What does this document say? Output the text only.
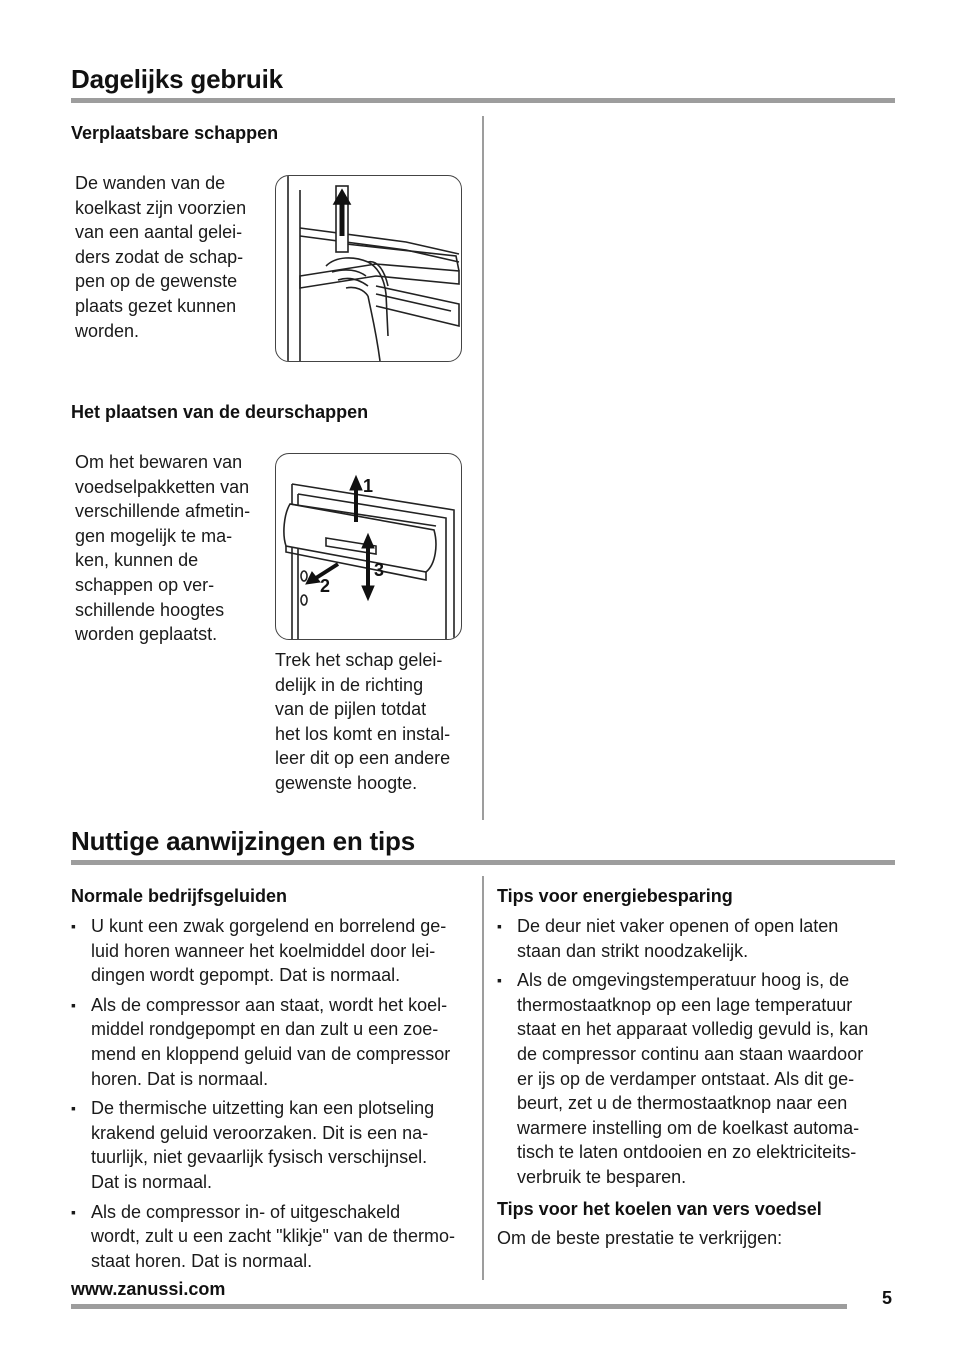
Dagelijks gebruik
Verplaatsbare schappen
De wanden van de
koelkast zijn voorzien
van een aantal gelei-
ders zodat de schap-
pen op de gewenste
plaats gezet kunnen
worden.
Het plaatsen van de deurschappen
Om het bewaren van
voedselpakketten van
verschillende afmetin-
gen mogelijk te ma-
ken, kunnen de
schappen op ver-
schillende hoogtes
worden geplaatst.
1
2
3
Trek het schap gelei-
delijk in de richting
van de pijlen totdat
het los komt en instal-
leer dit op een andere
gewenste hoogte.
Nuttige aanwijzingen en tips
Normale bedrijfsgeluiden
▪ U kunt een zwak gorgelend en borrelend ge-
luid horen wanneer het koelmiddel door lei-
dingen wordt gepompt. Dat is normaal.
▪ Als de compressor aan staat, wordt het koel-
middel rondgepompt en dan zult u een zoe-
mend en kloppend geluid van de compressor
horen. Dat is normaal.
▪ De thermische uitzetting kan een plotseling
krakend geluid veroorzaken. Dit is een na-
tuurlijk, niet gevaarlijk fysisch verschijnsel.
Dat is normaal.
▪ Als de compressor in- of uitgeschakeld
wordt, zult u een zacht "klikje" van de thermo-
staat horen. Dat is normaal.
Tips voor energiebesparing
▪ De deur niet vaker openen of open laten
staan dan strikt noodzakelijk.
▪ Als de omgevingstemperatuur hoog is, de
thermostaatknop op een lage temperatuur
staat en het apparaat volledig gevuld is, kan
de compressor continu aan staan waardoor
er ijs op de verdamper ontstaat. Als dit ge-
beurt, zet u de thermostaatknop naar een
warmere instelling om de koelkast automa-
tisch te laten ontdooien en zo elektriciteits-
verbruik te besparen.
Tips voor het koelen van vers voedsel
Om de beste prestatie te verkrijgen:
www.zanussi.com	5
